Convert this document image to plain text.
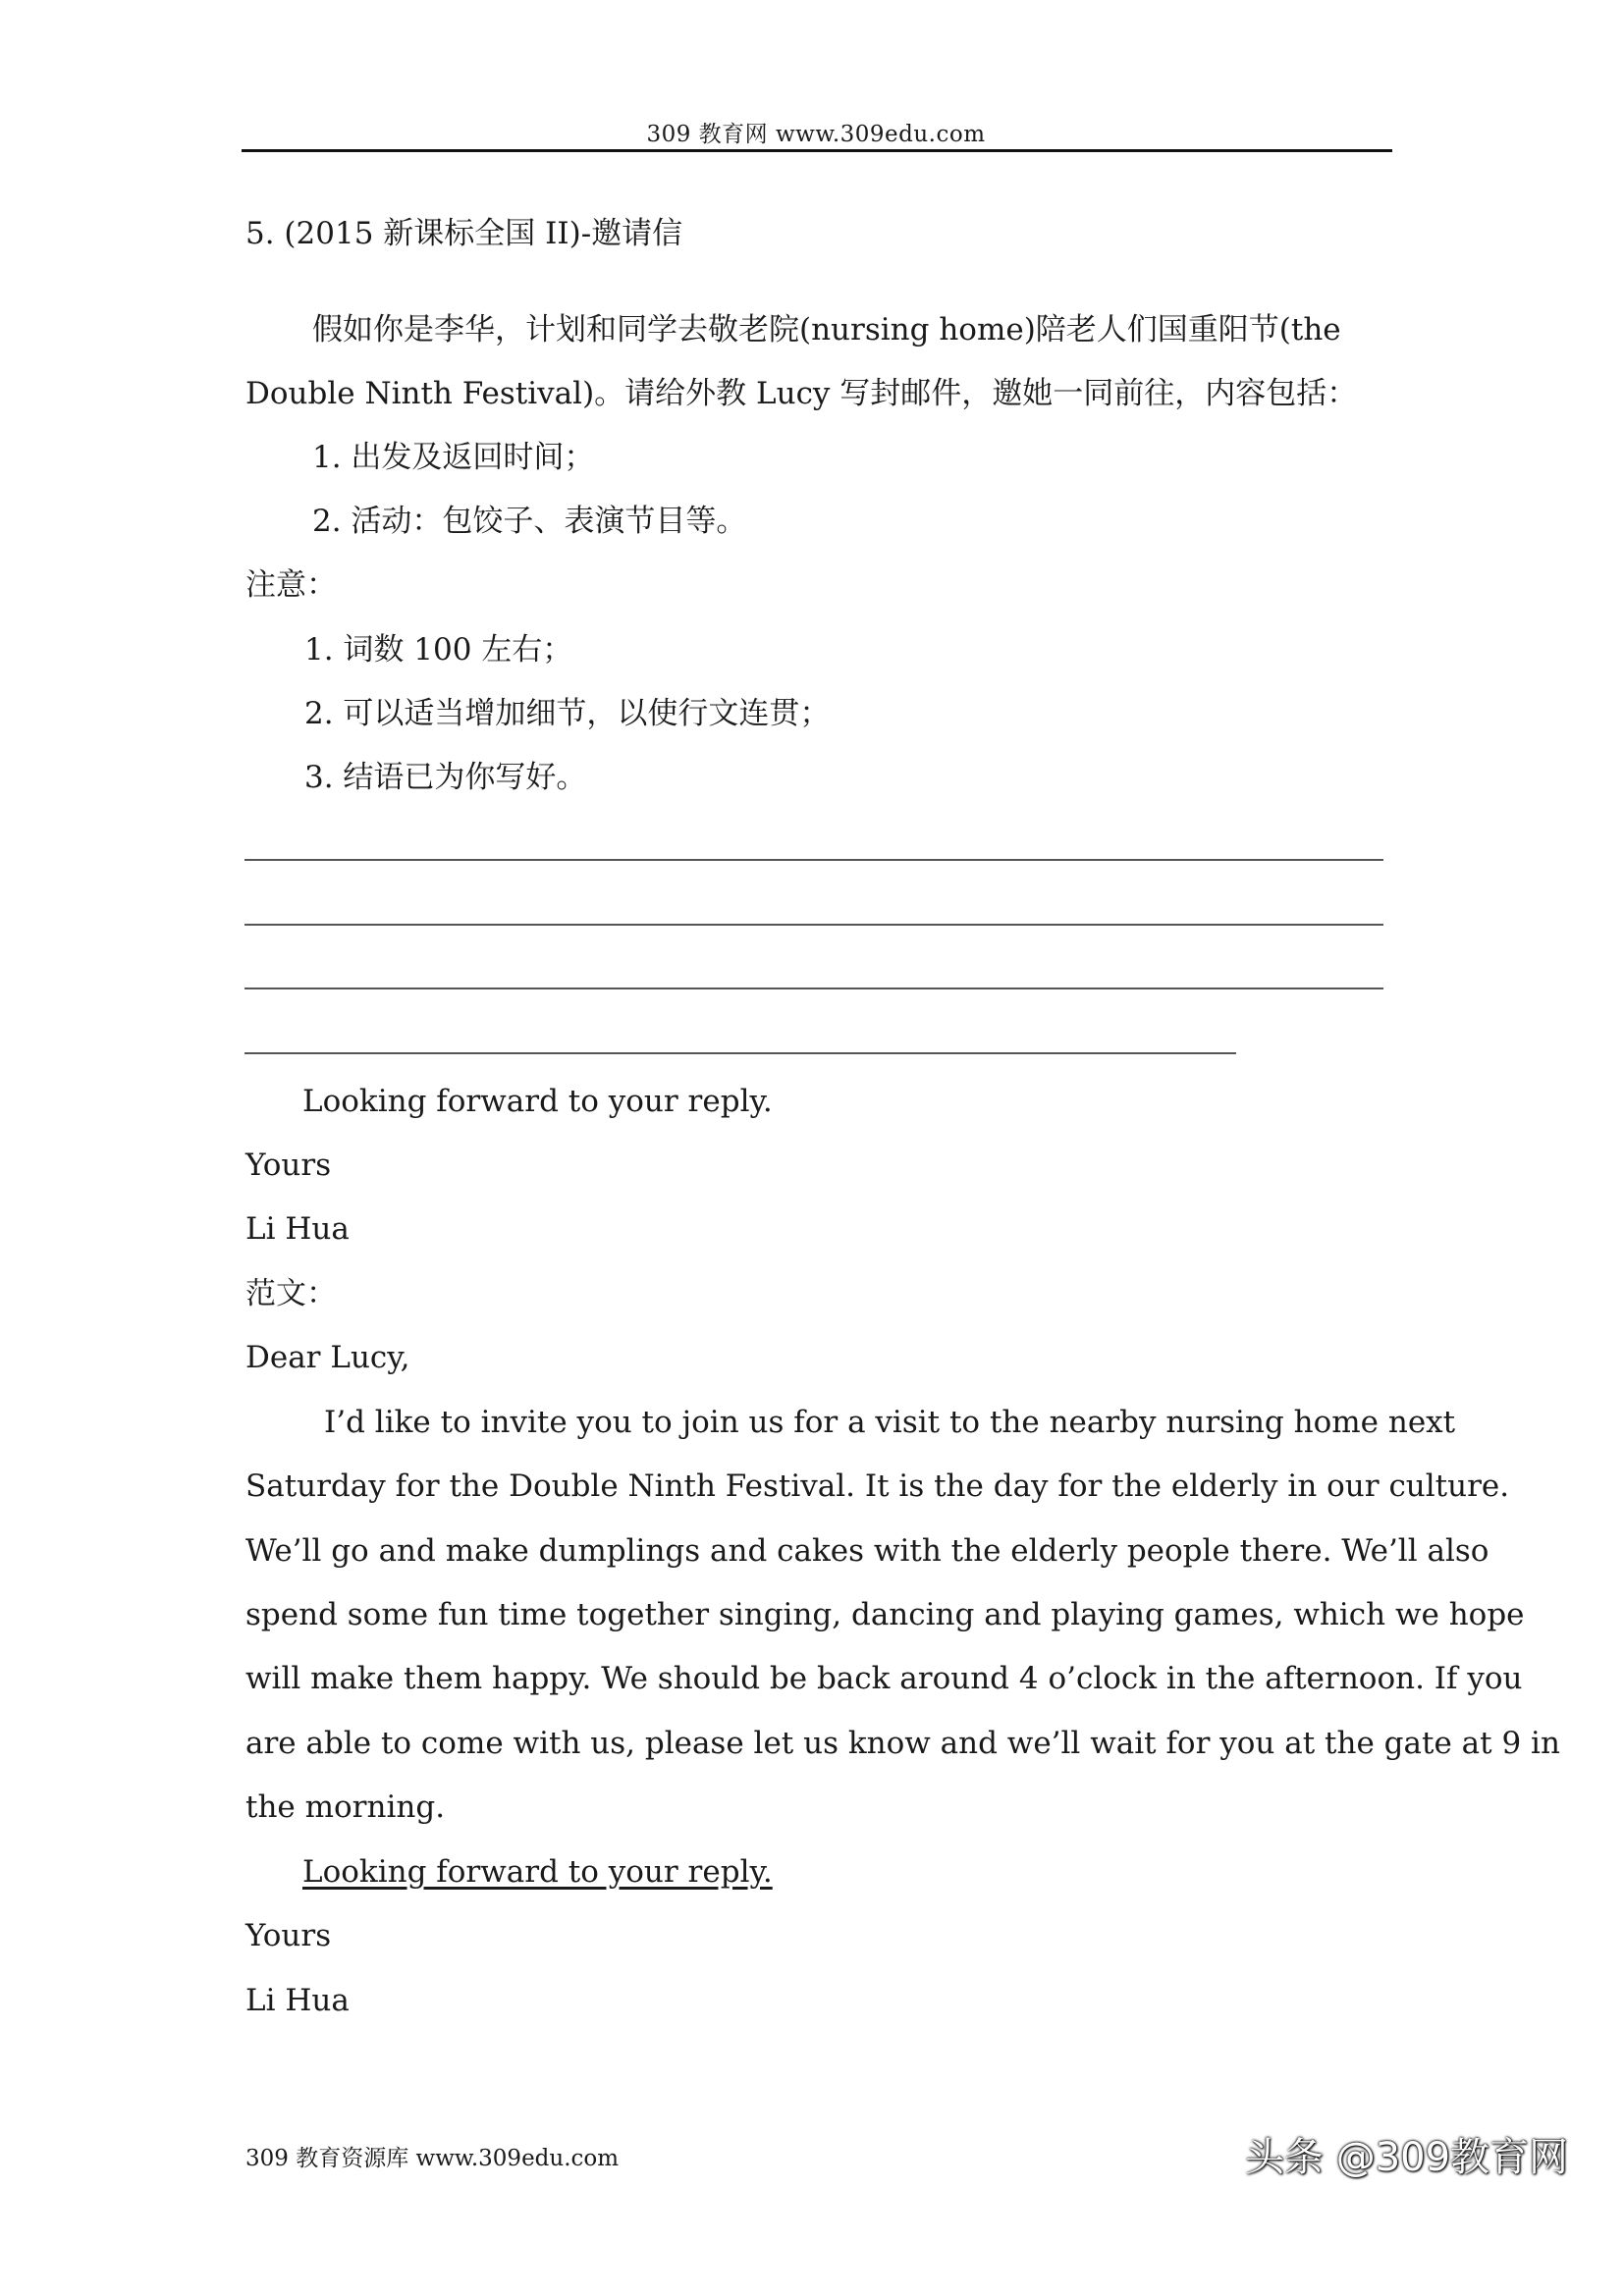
309 教育网 www.309edu.com
5. (2015 新课标全国 II)-邀请信
假如你是李华，计划和同学去敬老院(nursing home)陪老人们国重阳节(the
Double Ninth Festival)。请给外教 Lucy 写封邮件，邀她一同前往，内容包括：
1. 出发及返回时间；
2. 活动：包饺子、表演节目等。
注意：
1. 词数 100 左右；
2. 可以适当增加细节，以使行文连贯；
3. 结语已为你写好。
Looking forward to your reply.
Yours
Li Hua
范文：
Dear Lucy,
I’d like to invite you to join us for a visit to the nearby nursing home next
Saturday for the Double Ninth Festival. It is the day for the elderly in our culture.
We’ll go and make dumplings and cakes with the elderly people there. We’ll also
spend some fun time together singing, dancing and playing games, which we hope
will make them happy. We should be back around 4 o’clock in the afternoon. If you
are able to come with us, please let us know and we’ll wait for you at the gate at 9 in
the morning.
Looking forward to your reply.
Yours
Li Hua
309 教育资源库 www.309edu.com	头条 @309教育网
